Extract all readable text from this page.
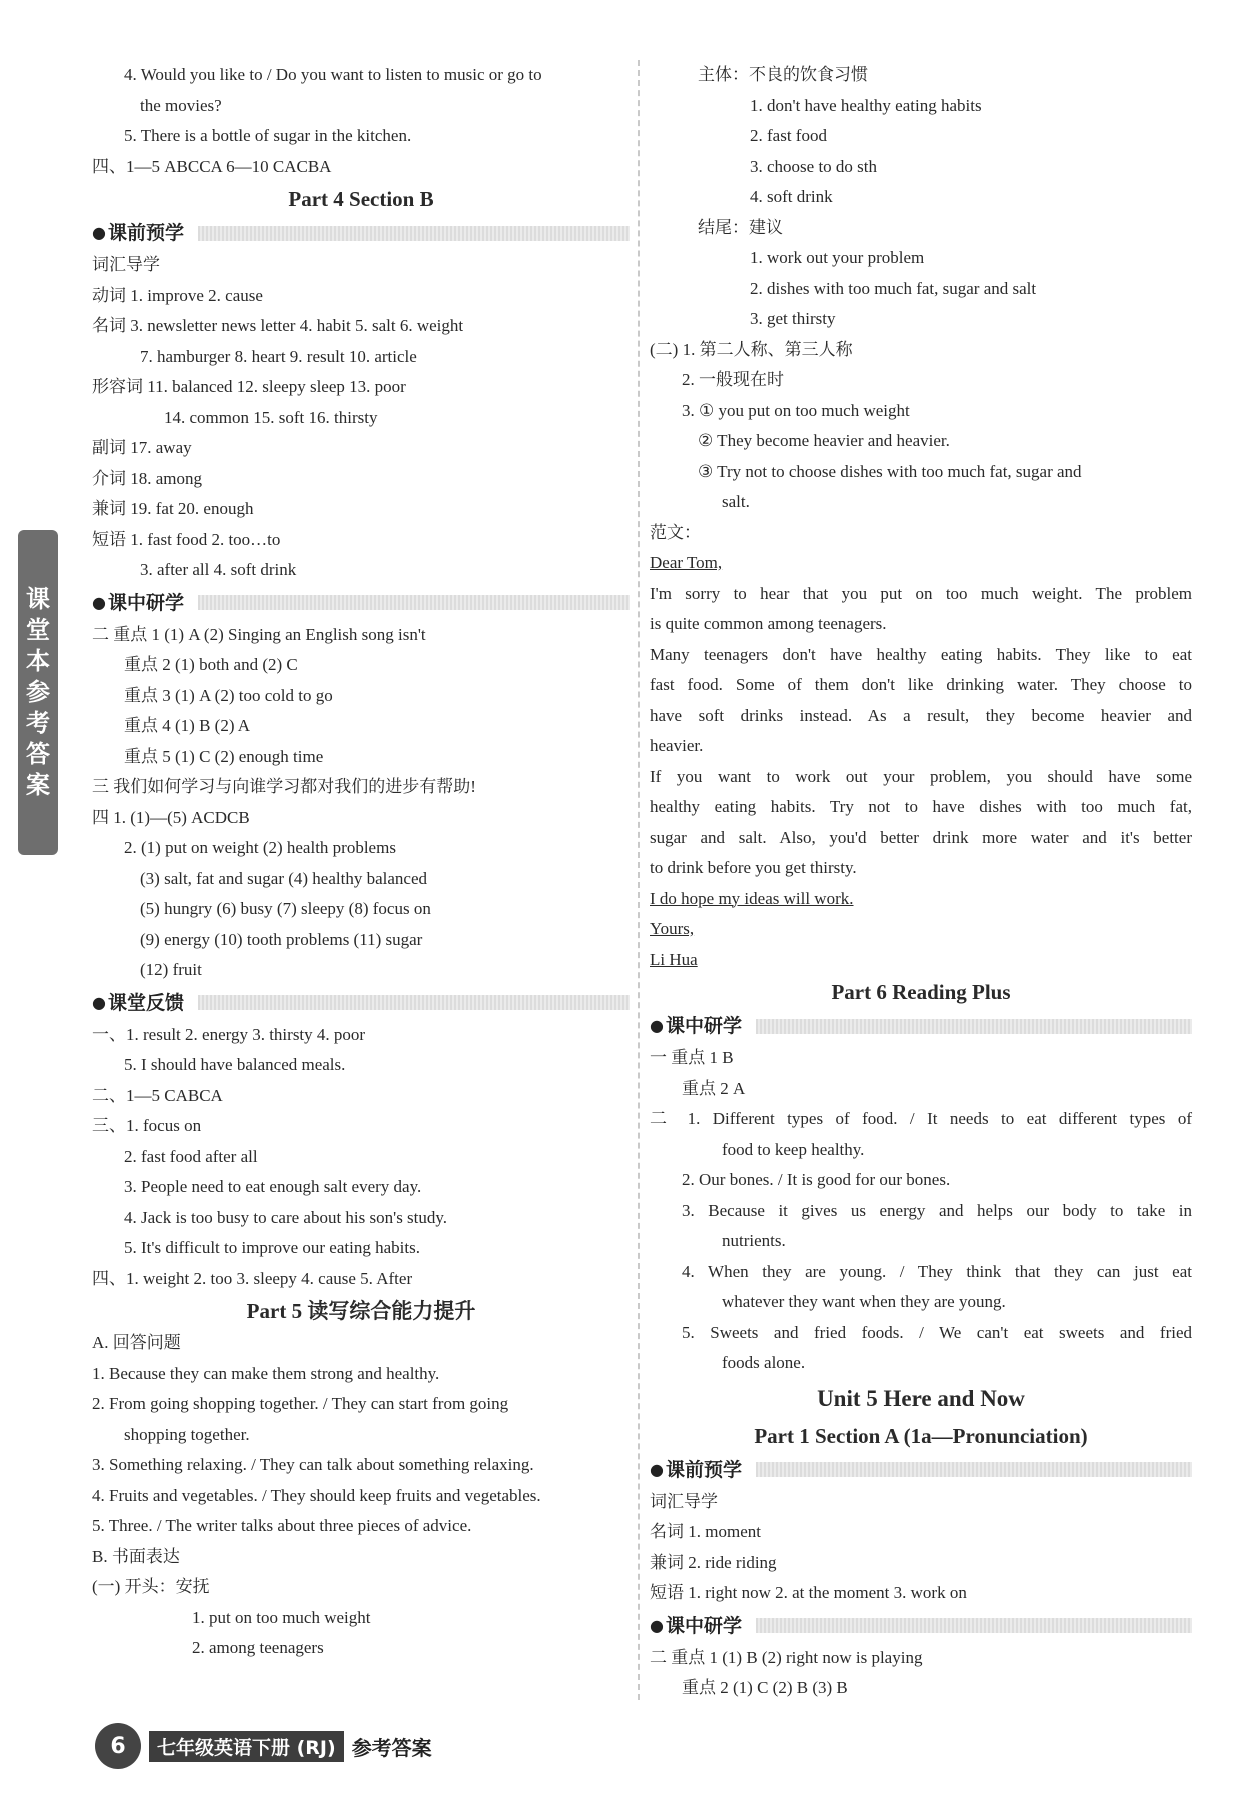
4. Would you like to / Do you want to listen to music or go to
the movies?
5. There is a bottle of sugar in the kitchen.
四、1—5 ABCCA 6—10 CACBA
Part 4 Section B
● 课前预学
词汇导学
动词 1. improve 2. cause
名词 3. newsletter news letter 4. habit 5. salt 6. weight
7. hamburger 8. heart 9. result 10. article
形容词 11. balanced 12. sleepy sleep 13. poor
14. common 15. soft 16. thirsty
副词 17. away
介词 18. among
兼词 19. fat 20. enough
短语 1. fast food 2. too…to
3. after all 4. soft drink
● 课中研学
二 重点 1 (1) A (2) Singing an English song isn't
重点 2 (1) both and (2) C
重点 3 (1) A (2) too cold to go
重点 4 (1) B (2) A
重点 5 (1) C (2) enough time
三 我们如何学习与向谁学习都对我们的进步有帮助!
四 1. (1)—(5) ACDCB
2. (1) put on weight (2) health problems
(3) salt, fat and sugar (4) healthy balanced
(5) hungry (6) busy (7) sleepy (8) focus on
(9) energy (10) tooth problems (11) sugar
(12) fruit
● 课堂反馈
一、1. result 2. energy 3. thirsty 4. poor
5. I should have balanced meals.
二、1—5 CABCA
三、1. focus on
2. fast food after all
3. People need to eat enough salt every day.
4. Jack is too busy to care about his son's study.
5. It's difficult to improve our eating habits.
四、1. weight 2. too 3. sleepy 4. cause 5. After
Part 5 读写综合能力提升
A. 回答问题
1. Because they can make them strong and healthy.
2. From going shopping together. / They can start from going
shopping together.
3. Something relaxing. / They can talk about something relaxing.
4. Fruits and vegetables. / They should keep fruits and vegetables.
5. Three. / The writer talks about three pieces of advice.
B. 书面表达
(一) 开头：安抚
1. put on too much weight
2. among teenagers
主体：不良的饮食习惯
1. don't have healthy eating habits
2. fast food
3. choose to do sth
4. soft drink
结尾：建议
1. work out your problem
2. dishes with too much fat, sugar and salt
3. get thirsty
(二) 1. 第二人称、第三人称
2. 一般现在时
3. ① you put on too much weight
② They become heavier and heavier.
③ Try not to choose dishes with too much fat, sugar and
salt.
范文：
Dear Tom,
I'm sorry to hear that you put on too much weight. The problem
is quite common among teenagers.
Many teenagers don't have healthy eating habits. They like to eat
fast food. Some of them don't like drinking water. They choose to
have soft drinks instead. As a result, they become heavier and
heavier.
If you want to work out your problem, you should have some
healthy eating habits. Try not to have dishes with too much fat,
sugar and salt. Also, you'd better drink more water and it's better
to drink before you get thirsty.
I do hope my ideas will work.
Yours,
Li Hua
Part 6 Reading Plus
● 课中研学
一 重点 1 B
重点 2 A
二 1. Different types of food. / It needs to eat different types of
food to keep healthy.
2. Our bones. / It is good for our bones.
3. Because it gives us energy and helps our body to take in
nutrients.
4. When they are young. / They think that they can just eat
whatever they want when they are young.
5. Sweets and fried foods. / We can't eat sweets and fried
foods alone.
Unit 5 Here and Now
Part 1 Section A (1a—Pronunciation)
● 课前预学
词汇导学
名词 1. moment
兼词 2. ride riding
短语 1. right now 2. at the moment 3. work on
● 课中研学
二 重点 1 (1) B (2) right now is playing
重点 2 (1) C (2) B (3) B
课
堂
本
参
考
答
案
6	七年级英语下册 (RJ) 参考答案
